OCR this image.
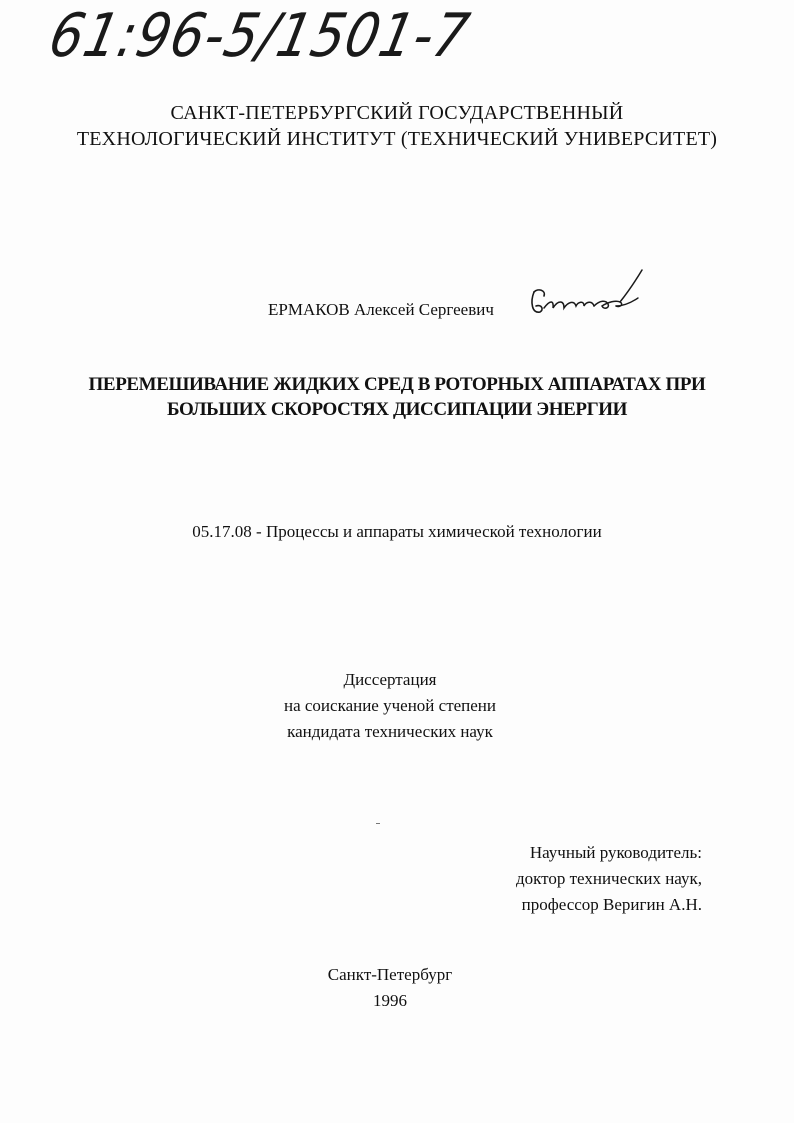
61:96-5/1501-7
САНКТ-ПЕТЕРБУРГСКИЙ ГОСУДАРСТВЕННЫЙ
ТЕХНОЛОГИЧЕСКИЙ ИНСТИТУТ (ТЕХНИЧЕСКИЙ УНИВЕРСИТЕТ)
ЕРМАКОВ Алексей Сергеевич
ПЕРЕМЕШИВАНИЕ ЖИДКИХ СРЕД В РОТОРНЫХ АППАРАТАХ ПРИ
БОЛЬШИХ СКОРОСТЯХ ДИССИПАЦИИ ЭНЕРГИИ
05.17.08 - Процессы и аппараты химической технологии
Диссертация
на соискание ученой степени
кандидата технических наук
Научный руководитель:
доктор технических наук,
профессор Веригин А.Н.
Санкт-Петербург
1996
